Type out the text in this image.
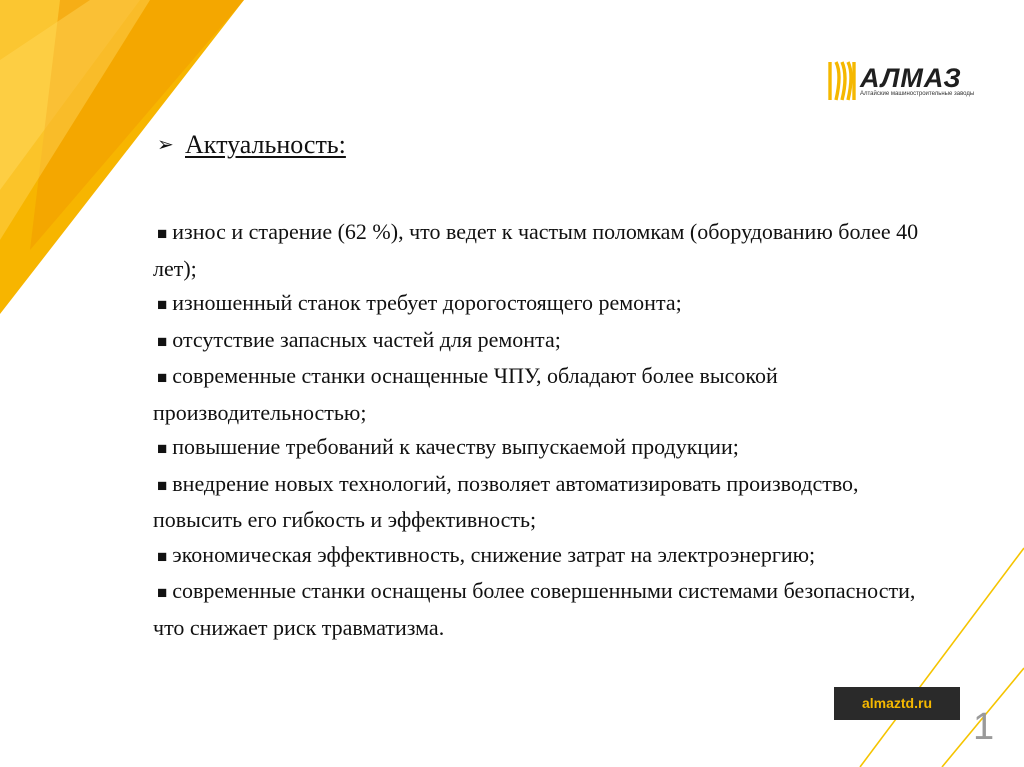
АЛМАЗ
Алтайские машиностроительные заводы
➢ Актуальность:

■ износ и старение (62 %), что ведет к частым поломкам (оборудованию более 40 лет);

■ изношенный станок требует дорогостоящего ремонта;

■ отсутствие запасных частей для ремонта;

■ современные станки оснащенные ЧПУ, обладают более высокой производительностью;

■ повышение требований к качеству выпускаемой продукции;

■ внедрение новых технологий, позволяет автоматизировать производство, повысить его гибкость и эффективность;

■ экономическая эффективность, снижение затрат на электроэнергию;

■ современные станки оснащены более совершенными системами безопасности, что снижает риск травматизма.

almaztd.ru
1
